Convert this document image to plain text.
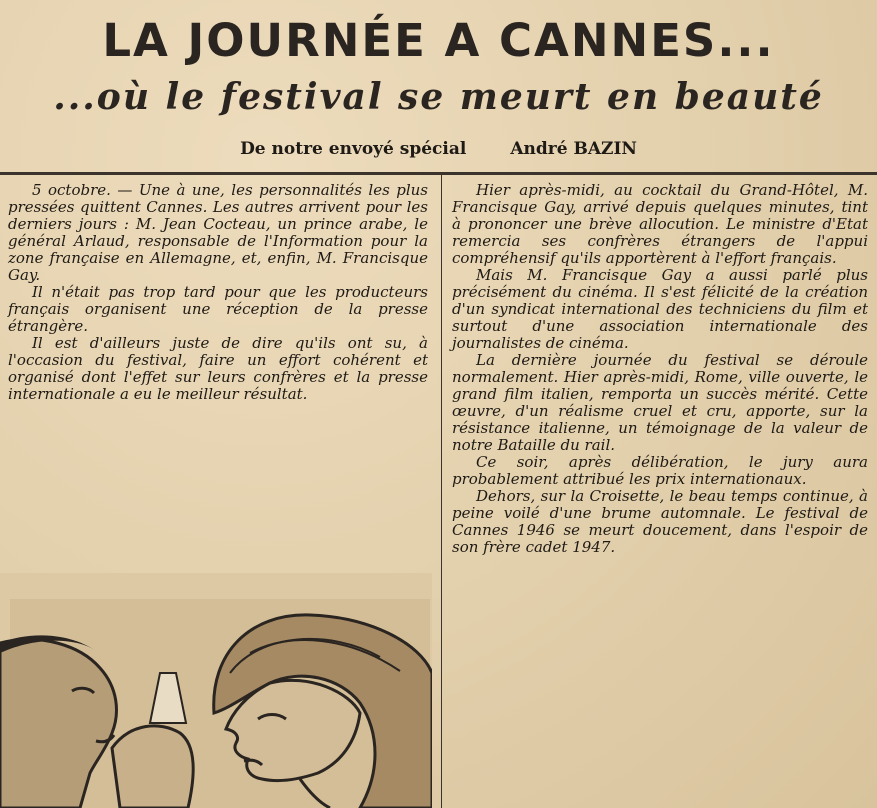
LA JOURNÉE A CANNES...
...où le festival se meurt en beauté
De notre envoyé spécial	André BAZIN

5 octobre. — Une à une, les personnalités les plus pressées quittent Cannes. Les autres arrivent pour les derniers jours : M. Jean Cocteau, un prince arabe, le général Arlaud, responsable de l'Information pour la zone française en Allemagne, et, enfin, M. Francisque Gay.

Il n'était pas trop tard pour que les producteurs français organisent une réception de la presse étrangère.

Il est d'ailleurs juste de dire qu'ils ont su, à l'occasion du festival, faire un effort cohérent et organisé dont l'effet sur leurs confrères et la presse internationale a eu le meilleur résultat.

Hier après-midi, au cocktail du Grand-Hôtel, M. Francisque Gay, arrivé depuis quelques minutes, tint à prononcer une brève allocution. Le ministre d'Etat remercia ses confrères étrangers de l'appui compréhensif qu'ils apportèrent à l'effort français.

Mais M. Francisque Gay a aussi parlé plus précisément du cinéma. Il s'est félicité de la création d'un syndicat international des techniciens du film et surtout d'une association internationale des journalistes de cinéma.

La dernière journée du festival se déroule normalement. Hier après-midi, Rome, ville ouverte, le grand film italien, remporta un succès mérité. Cette œuvre, d'un réalisme cruel et cru, apporte, sur la résistance italienne, un témoignage de la valeur de notre Bataille du rail.

Ce soir, après délibération, le jury aura probablement attribué les prix internationaux.

Dehors, sur la Croisette, le beau temps continue, à peine voilé d'une brume automnale. Le festival de Cannes 1946 se meurt doucement, dans l'espoir de son frère cadet 1947.
